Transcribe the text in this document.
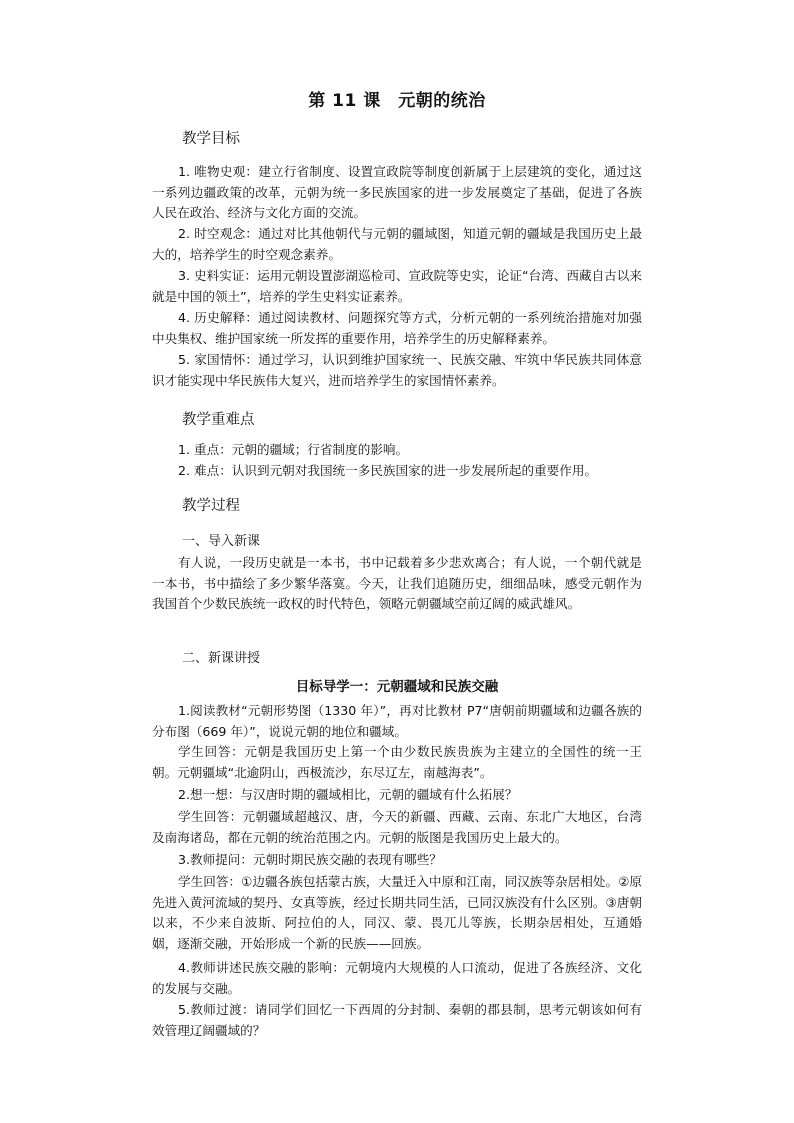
第 11 课　元朝的统治
教学目标

1. 唯物史观：建立行省制度、设置宣政院等制度创新属于上层建筑的变化，通过这一系列边疆政策的改革，元朝为统一多民族国家的进一步发展奠定了基础，促进了各族人民在政治、经济与文化方面的交流。

2. 时空观念：通过对比其他朝代与元朝的疆域图，知道元朝的疆域是我国历史上最大的，培养学生的时空观念素养。

3. 史料实证：运用元朝设置澎湖巡检司、宣政院等史实，论证“台湾、西藏自古以来就是中国的领土”，培养的学生史料实证素养。

4. 历史解释：通过阅读教材、问题探究等方式，分析元朝的一系列统治措施对加强中央集权、维护国家统一所发挥的重要作用，培养学生的历史解释素养。

5. 家国情怀：通过学习，认识到维护国家统一、民族交融、牢筑中华民族共同体意识才能实现中华民族伟大复兴，进而培养学生的家国情怀素养。

教学重难点

1. 重点：元朝的疆域；行省制度的影响。

2. 难点：认识到元朝对我国统一多民族国家的进一步发展所起的重要作用。

教学过程
一、导入新课

有人说，一段历史就是一本书，书中记载着多少悲欢离合；有人说，一个朝代就是一本书，书中描绘了多少繁华落寞。今天，让我们追随历史，细细品味，感受元朝作为我国首个少数民族统一政权的时代特色，领略元朝疆域空前辽阔的威武雄风。

二、新课讲授
目标导学一：元朝疆域和民族交融

1.阅读教材“元朝形势图（1330 年）”，再对比教材 P7“唐朝前期疆域和边疆各族的分布图（669 年）”，说说元朝的地位和疆域。

学生回答：元朝是我国历史上第一个由少数民族贵族为主建立的全国性的统一王朝。元朝疆域“北逾阴山，西极流沙，东尽辽左，南越海表”。

2.想一想：与汉唐时期的疆域相比，元朝的疆域有什么拓展？

学生回答：元朝疆域超越汉、唐，今天的新疆、西藏、云南、东北广大地区，台湾及南海诸岛，都在元朝的统治范围之内。元朝的版图是我国历史上最大的。

3.教师提问：元朝时期民族交融的表现有哪些？

学生回答：①边疆各族包括蒙古族，大量迁入中原和江南，同汉族等杂居相处。②原先进入黄河流域的契丹、女真等族，经过长期共同生活，已同汉族没有什么区别。③唐朝以来，不少来自波斯、阿拉伯的人，同汉、蒙、畏兀儿等族，长期杂居相处，互通婚姻，逐渐交融，开始形成一个新的民族——回族。

4.教师讲述民族交融的影响：元朝境内大规模的人口流动，促进了各族经济、文化的发展与交融。

5.教师过渡：请同学们回忆一下西周的分封制、秦朝的郡县制，思考元朝该如何有效管理辽阔疆域的？
